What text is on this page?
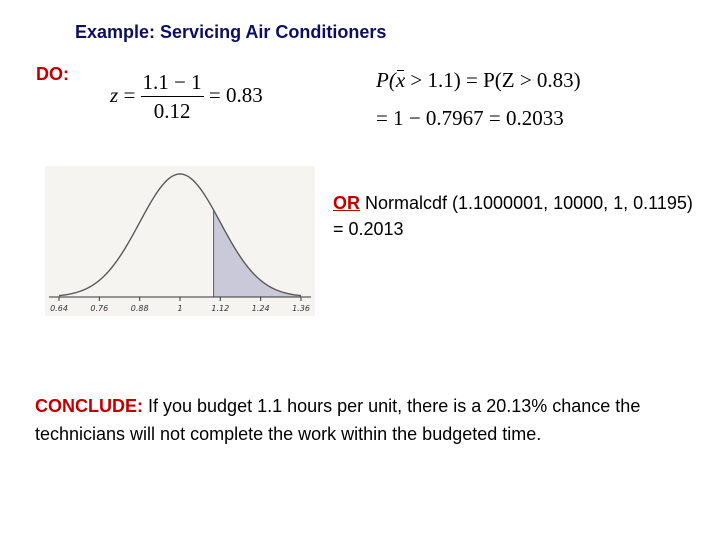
Example: Servicing Air Conditioners
DO:
$z = \frac{1.1 - 1}{0.12} = 0.83$
P(x > 1.1) = P(Z > 0.83)
= 1 − 0.7967 = 0.2033
0.64	0.76	0.88	1	1.12	1.24	1.36
OR Normalcdf (1.1000001, 10000, 1, 0.1195) = 0.2013
CONCLUDE: If you budget 1.1 hours per unit, there is a 20.13% chance the technicians will not complete the work within the budgeted time.
